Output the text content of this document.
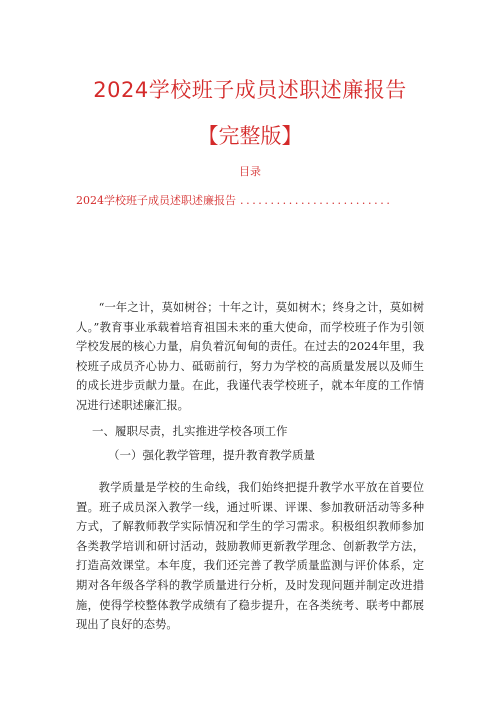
2024学校班子成员述职述廉报告
【完整版】
目录
2024学校班子成员述职述廉报告 .........................
“一年之计，莫如树谷；十年之计，莫如树木；终身之计，莫如树人。”教育事业承载着培育祖国未来的重大使命，而学校班子作为引领学校发展的核心力量，肩负着沉甸甸的责任。在过去的2024年里，我校班子成员齐心协力、砥砺前行，努力为学校的高质量发展以及师生的成长进步贡献力量。在此，我谨代表学校班子，就本年度的工作情况进行述职述廉汇报。
一、履职尽责，扎实推进学校各项工作
（一）强化教学管理，提升教育教学质量
教学质量是学校的生命线，我们始终把提升教学水平放在首要位置。班子成员深入教学一线，通过听课、评课、参加教研活动等多种方式，了解教师教学实际情况和学生的学习需求。积极组织教师参加各类教学培训和研讨活动，鼓励教师更新教学理念、创新教学方法，打造高效课堂。本年度，我们还完善了教学质量监测与评价体系，定期对各年级各学科的教学质量进行分析，及时发现问题并制定改进措施，使得学校整体教学成绩有了稳步提升，在各类统考、联考中都展现出了良好的态势。
